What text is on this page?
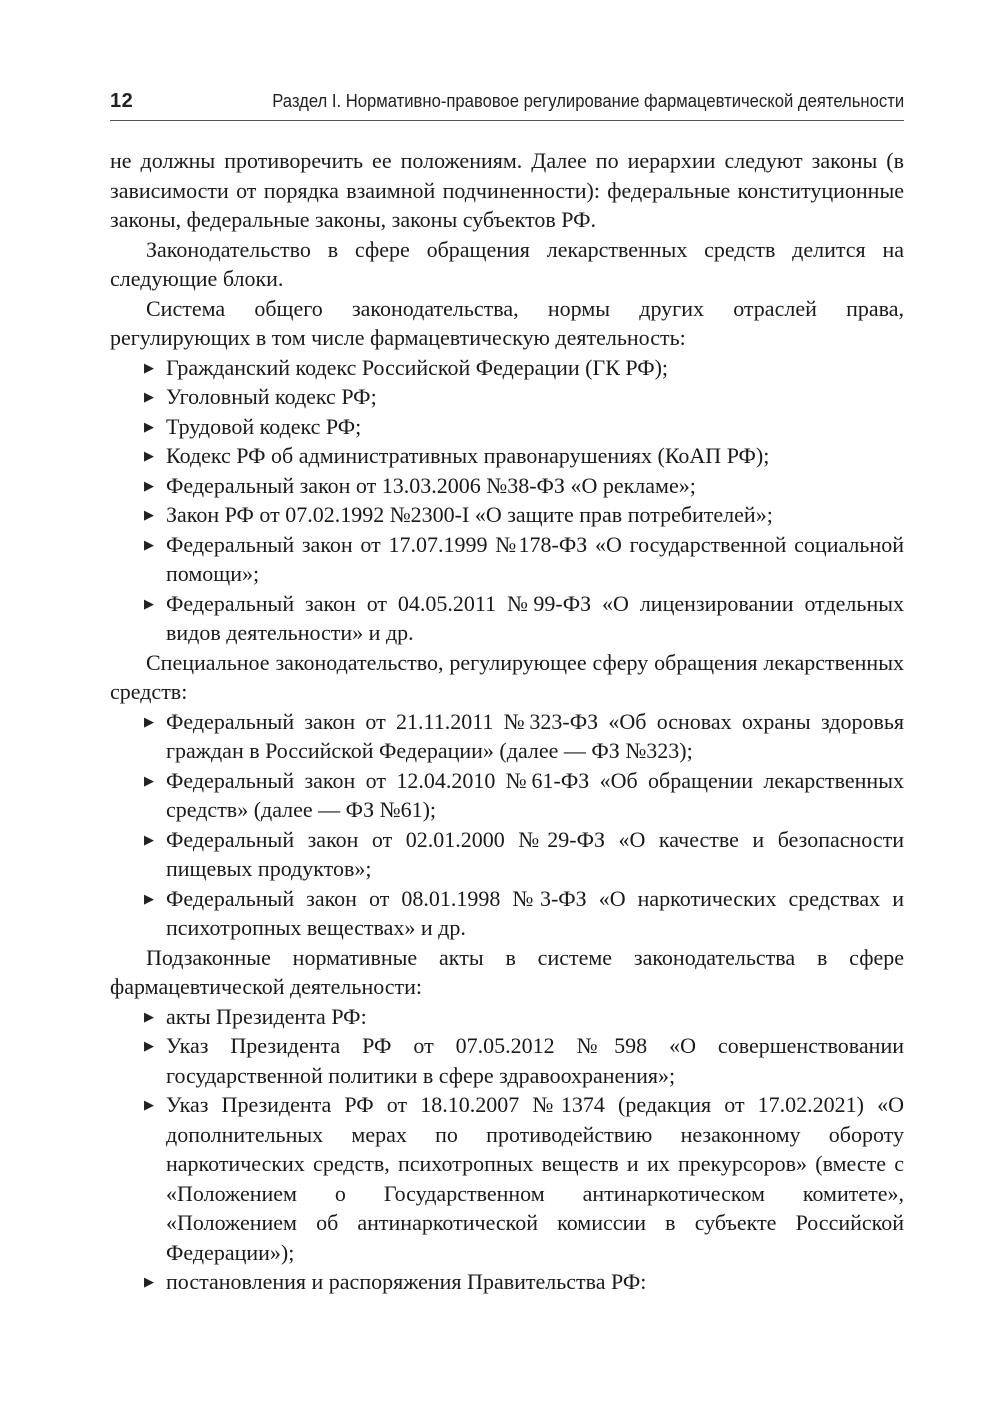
12	Раздел I. Нормативно-правовое регулирование фармацевтической деятельности

не должны противоречить ее положениям. Далее по иерархии следуют законы (в зависимости от порядка взаимной подчиненности): федеральные конституционные законы, федеральные законы, законы субъектов РФ.

Законодательство в сфере обращения лекарственных средств делится на следующие блоки.

Система общего законодательства, нормы других отраслей права, регулирующих в том числе фармацевтическую деятельность:

▶ Гражданский кодекс Российской Федерации (ГК РФ);
▶ Уголовный кодекс РФ;
▶ Трудовой кодекс РФ;
▶ Кодекс РФ об административных правонарушениях (КоАП РФ);
▶ Федеральный закон от 13.03.2006 №38-ФЗ «О рекламе»;
▶ Закон РФ от 07.02.1992 №2300-I «О защите прав потребителей»;
▶ Федеральный закон от 17.07.1999 №178-ФЗ «О государственной социальной помощи»;
▶ Федеральный закон от 04.05.2011 №99-ФЗ «О лицензировании отдельных видов деятельности» и др.

Специальное законодательство, регулирующее сферу обращения лекарственных средств:

▶ Федеральный закон от 21.11.2011 №323-ФЗ «Об основах охраны здоровья граждан в Российской Федерации» (далее — ФЗ №323);
▶ Федеральный закон от 12.04.2010 №61-ФЗ «Об обращении лекарственных средств» (далее — ФЗ №61);
▶ Федеральный закон от 02.01.2000 №29-ФЗ «О качестве и безопасности пищевых продуктов»;
▶ Федеральный закон от 08.01.1998 №3-ФЗ «О наркотических средствах и психотропных веществах» и др.

Подзаконные нормативные акты в системе законодательства в сфере фармацевтической деятельности:

▶ акты Президента РФ:
▶ Указ Президента РФ от 07.05.2012 №598 «О совершенствовании государственной политики в сфере здравоохранения»;
▶ Указ Президента РФ от 18.10.2007 №1374 (редакция от 17.02.2021) «О дополнительных мерах по противодействию незаконному обороту наркотических средств, психотропных веществ и их прекурсоров» (вместе с «Положением о Государственном антинаркотическом комитете», «Положением об антинаркотической комиссии в субъекте Российской Федерации»);
▶ постановления и распоряжения Правительства РФ:
